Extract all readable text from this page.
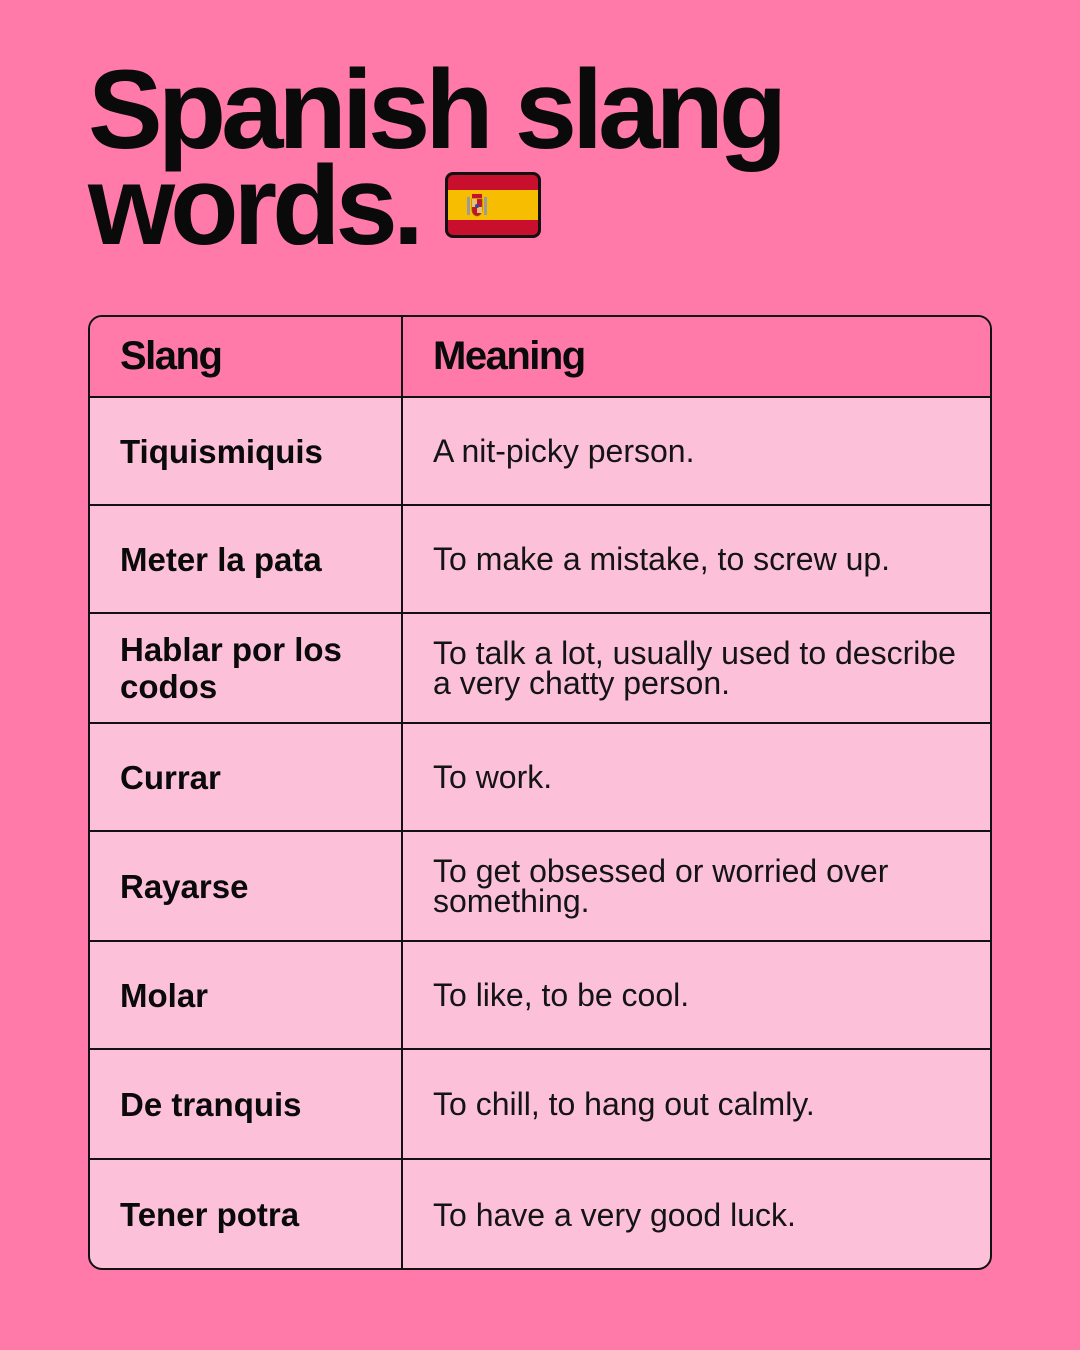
Spanish slang
words.
Slang	Meaning
Tiquismiquis	A nit-picky person.
Meter la pata	To make a mistake, to screw up.
Hablar por los codos	To talk a lot, usually used to describe a very chatty person.
Currar	To work.
Rayarse	To get obsessed or worried over something.
Molar	To like, to be cool.
De tranquis	To chill, to hang out calmly.
Tener potra	To have a very good luck.
